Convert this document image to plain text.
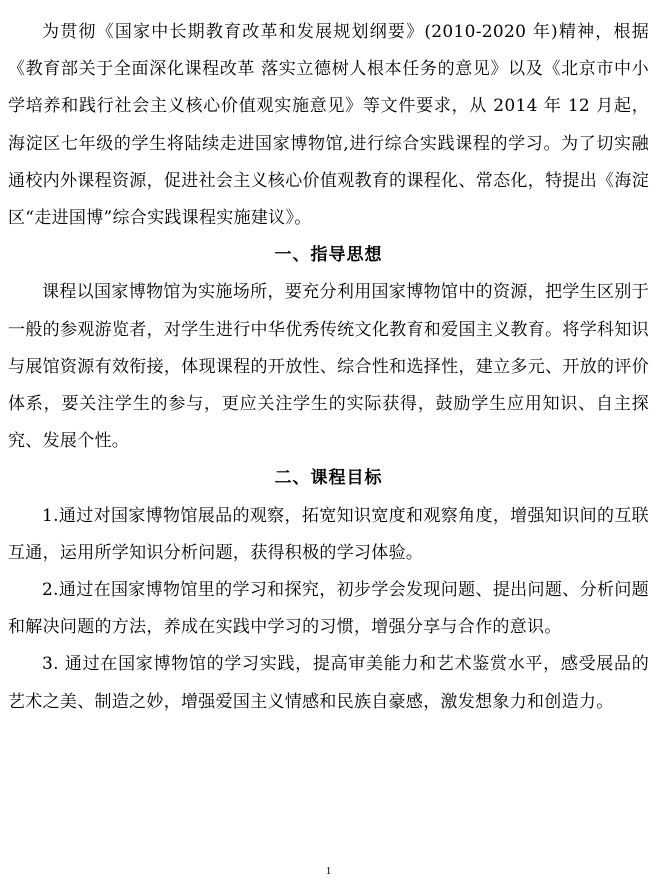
为贯彻《国家中长期教育改革和发展规划纲要》(2010-2020 年)精神，根据《教育部关于全面深化课程改革 落实立德树人根本任务的意见》以及《北京市中小学培养和践行社会主义核心价值观实施意见》等文件要求，从 2014 年 12 月起，海淀区七年级的学生将陆续走进国家博物馆,进行综合实践课程的学习。为了切实融通校内外课程资源，促进社会主义核心价值观教育的课程化、常态化，特提出《海淀区“走进国博”综合实践课程实施建议》。

一、指导思想

课程以国家博物馆为实施场所，要充分利用国家博物馆中的资源，把学生区别于一般的参观游览者，对学生进行中华优秀传统文化教育和爱国主义教育。将学科知识与展馆资源有效衔接，体现课程的开放性、综合性和选择性，建立多元、开放的评价体系，要关注学生的参与，更应关注学生的实际获得，鼓励学生应用知识、自主探究、发展个性。

二、课程目标

1.通过对国家博物馆展品的观察，拓宽知识宽度和观察角度，增强知识间的互联互通，运用所学知识分析问题，获得积极的学习体验。

2.通过在国家博物馆里的学习和探究，初步学会发现问题、提出问题、分析问题和解决问题的方法，养成在实践中学习的习惯，增强分享与合作的意识。

3. 通过在国家博物馆的学习实践，提高审美能力和艺术鉴赏水平，感受展品的艺术之美、制造之妙，增强爱国主义情感和民族自豪感，激发想象力和创造力。

1
